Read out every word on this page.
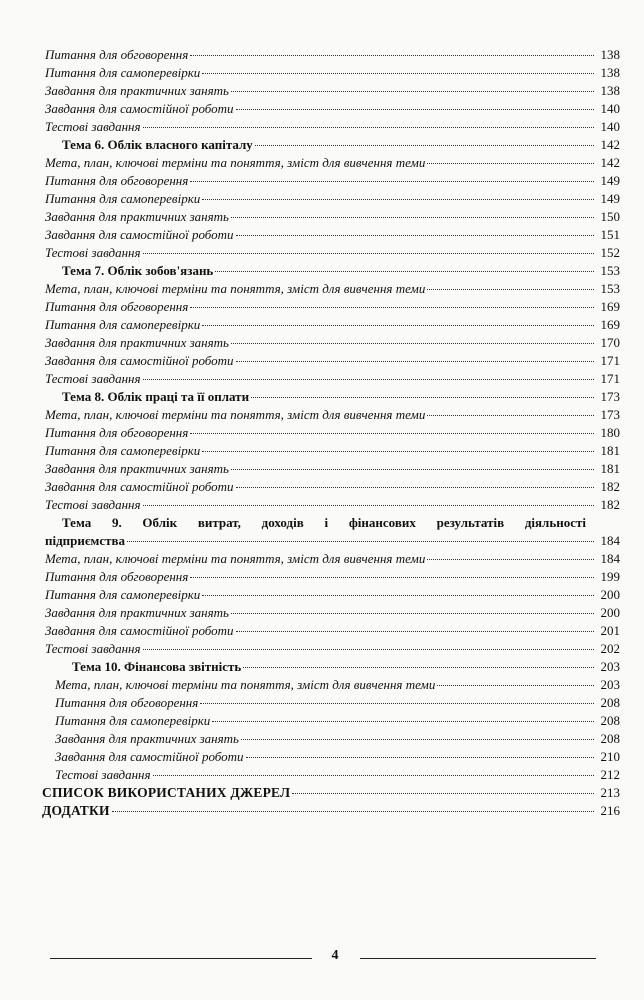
Питання для обговорення	138
Питання для самоперевірки	138
Завдання для практичних занять	138
Завдання для самостійної роботи	140
Тестові завдання	140
Тема 6. Облік власного капіталу	142
Мета, план, ключові терміни та поняття, зміст для вивчення теми	142
Питання для обговорення	149
Питання для самоперевірки	149
Завдання для практичних занять	150
Завдання для самостійної роботи	151
Тестові завдання	152
Тема 7. Облік зобов'язань	153
Мета, план, ключові терміни та поняття, зміст для вивчення теми	153
Питання для обговорення	169
Питання для самоперевірки	169
Завдання для практичних занять	170
Завдання для самостійної роботи	171
Тестові завдання	171
Тема 8. Облік праці та її оплати	173
Мета, план, ключові терміни та поняття, зміст для вивчення теми	173
Питання для обговорення	180
Питання для самоперевірки	181
Завдання для практичних занять	181
Завдання для самостійної роботи	182
Тестові завдання	182
Тема 9. Облік витрат, доходів і фінансових результатів діяльності
підприємства	184
Мета, план, ключові терміни та поняття, зміст для вивчення теми	184
Питання для обговорення	199
Питання для самоперевірки	200
Завдання для практичних занять	200
Завдання для самостійної роботи	201
Тестові завдання	202
Тема 10. Фінансова звітність	203
Мета, план, ключові терміни та поняття, зміст для вивчення теми	203
Питання для обговорення	208
Питання для самоперевірки	208
Завдання для практичних занять	208
Завдання для самостійної роботи	210
Тестові завдання	212
СПИСОК ВИКОРИСТАНИХ ДЖЕРЕЛ	213
ДОДАТКИ	216
4
